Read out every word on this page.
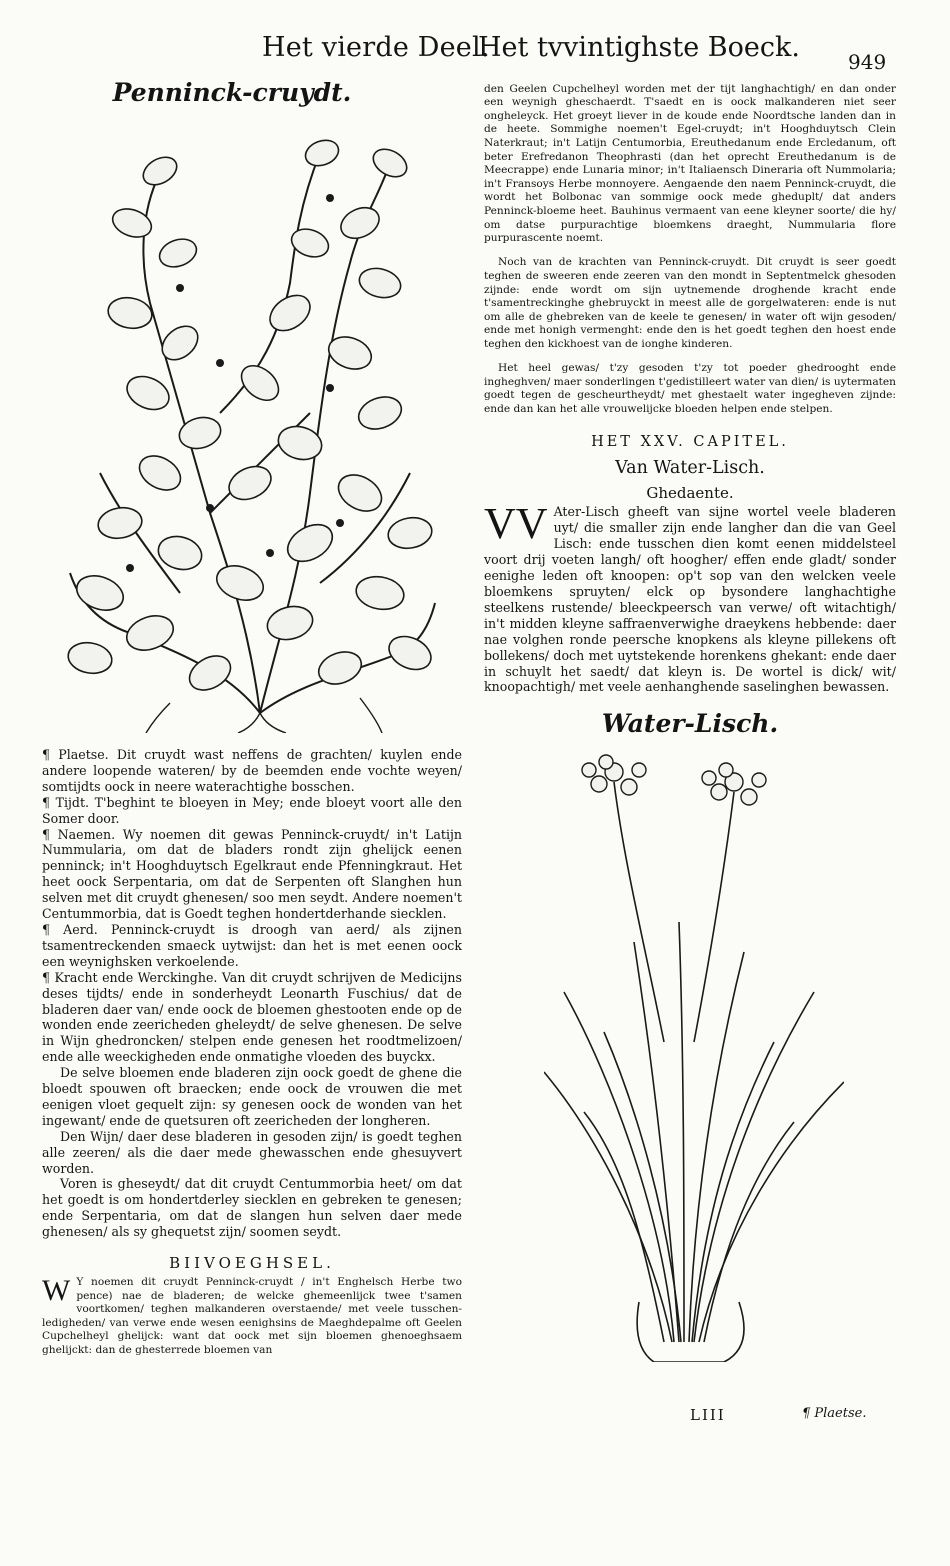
Het vierde Deel.
Het tvvintighste Boeck. 949
Penninck-cruydt.

¶ Plaetse. Dit cruydt wast neffens de grachten/ kuylen ende andere loopende wateren/ by de beemden ende vochte weyen/ somtijdts oock in neere waterachtighe bosschen.

¶ Tijdt. T'beghint te bloeyen in Mey; ende bloeyt voort alle den Somer door.

¶ Naemen. Wy noemen dit gewas Penninck-cruydt/ in't Latijn Nummularia, om dat de bladers rondt zijn ghelijck eenen penninck; in't Hooghduytsch Egelkraut ende Pfenningkraut. Het heet oock Serpentaria, om dat de Serpenten oft Slanghen hun selven met dit cruydt ghenesen/ soo men seydt. Andere noemen't Centummorbia, dat is Goedt teghen hondertderhande siecklen.

¶ Aerd. Penninck-cruydt is droogh van aerd/ als zijnen tsamentreckenden smaeck uytwijst: dan het is met eenen oock een weynighsken verkoelende.

¶ Kracht ende Werckinghe. Van dit cruydt schrijven de Medicijns deses tijdts/ ende in sonderheydt Leonarth Fuschius/ dat de bladeren daer van/ ende oock de bloemen ghestooten ende op de wonden ende zeericheden gheleydt/ de selve ghenesen. De selve in Wijn ghedroncken/ stelpen ende genesen het roodtmelizoen/ ende alle weeckigheden ende onmatighe vloeden des buyckx.

De selve bloemen ende bladeren zijn oock goedt de ghene die bloedt spouwen oft braecken; ende oock de vrouwen die met eenigen vloet gequelt zijn: sy genesen oock de wonden van het ingewant/ ende de quetsuren oft zeericheden der longheren.

Den Wijn/ daer dese bladeren in gesoden zijn/ is goedt teghen alle zeeren/ als die daer mede ghewasschen ende ghesuyvert worden.

Voren is gheseydt/ dat dit cruydt Centummorbia heet/ om dat het goedt is om hondertderley siecklen en gebreken te genesen; ende Serpentaria, om dat de slangen hun selven daer mede ghenesen/ als sy ghequetst zijn/ soomen seydt.

BIIVOEGHSEL.
W Y noemen dit cruydt Penninck-cruydt / in't Enghelsch Herbe two pence) nae de bladeren; de welcke ghemeenlijck twee t'samen voortkomen/ teghen malkanderen overstaende/ met veele tusschen-ledigheden/ van verwe ende wesen eenighsins de Maeghdepalme oft Geelen Cupchelheyl ghelijck: want dat oock met sijn bloemen ghenoeghsaem ghelijckt: dan de ghesterrede bloemen van

den Geelen Cupchelheyl worden met der tijt langhachtigh/ en dan onder een weynigh gheschaerdt. T'saedt en is oock malkanderen niet seer ongheleyck. Het groeyt liever in de koude ende Noordtsche landen dan in de heete. Sommighe noemen't Egel-cruydt; in't Hooghduytsch Clein Naterkraut; in't Latijn Centumorbia, Ereuthedanum ende Ercledanum, oft beter Erefredanon Theophrasti (dan het oprecht Ereuthedanum is de Meecrappe) ende Lunaria minor; in't Italiaensch Dineraria oft Nummolaria; in't Fransoys Herbe monnoyere. Aengaende den naem Penninck-cruydt, die wordt het Bolbonac van sommige oock mede gheduplt/ dat anders Penninck-bloeme heet. Bauhinus vermaent van eene kleyner soorte/ die hy/ om datse purpurachtige bloemkens draeght, Nummularia flore purpurascente noemt.

Noch van de krachten van Penninck-cruydt. Dit cruydt is seer goedt teghen de sweeren ende zeeren van den mondt in Septentmelck ghesoden zijnde: ende wordt om sijn uytnemende droghende kracht ende t'samentreckinghe ghebruyckt in meest alle de gorgelwateren: ende is nut om alle de ghebreken van de keele te genesen/ in water oft wijn gesoden/ ende met honigh vermenght: ende den is het goedt teghen den hoest ende teghen den kickhoest van de ionghe kinderen.

Het heel gewas/ t'zy gesoden t'zy tot poeder ghedrooght ende ingheghven/ maer sonderlingen t'gedistilleert water van dien/ is uytermaten goedt tegen de gescheurtheydt/ met ghestaelt water ingegheven zijnde: ende dan kan het alle vrouwelijcke bloeden helpen ende stelpen.

HET XXV. CAPITEL.
Van Water-Lisch.
Ghedaente.
VV Ater-Lisch gheeft van sijne wortel veele bladeren uyt/ die smaller zijn ende langher dan die van Geel Lisch: ende tusschen dien komt eenen middelsteel voort drij voeten langh/ oft hoogher/ effen ende gladt/ sonder eenighe leden oft knoopen: op't sop van den welcken veele bloemkens spruyten/ elck op bysondere langhachtighe steelkens rustende/ bleeckpeersch van verwe/ oft witachtigh/ in't midden kleyne saffraenverwighe draeykens hebbende: daer nae volghen ronde peersche knopkens als kleyne pillekens oft bollekens/ doch met uytstekende horenkens ghekant: ende daer in schuylt het saedt/ dat kleyn is. De wortel is dick/ wit/ knoopachtigh/ met veele aenhanghende saselinghen bewassen.
Water-Lisch.
LIII	¶ Plaetse.
